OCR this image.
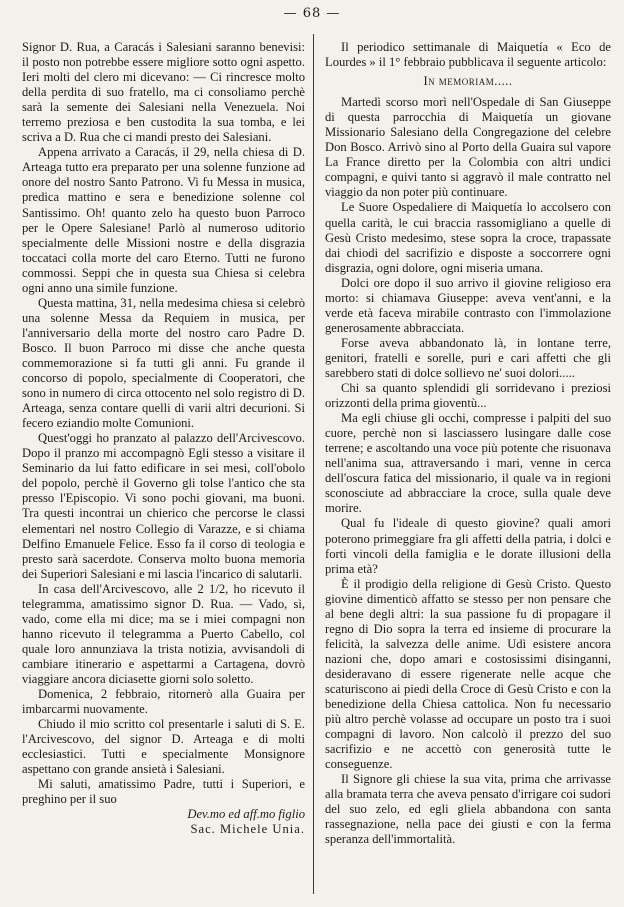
— 68 —

Signor D. Rua, a Caracás i Salesiani saranno benevisi: il posto non potrebbe essere migliore sotto ogni aspetto. Ieri molti del clero mi dicevano: — Ci rincresce molto della perdita di suo fratello, ma ci consoliamo perchè sarà la semente dei Salesiani nella Venezuela. Noi terremo preziosa e ben custodita la sua tomba, e lei scriva a D. Rua che ci mandi presto dei Salesiani.

Appena arrivato a Caracás, il 29, nella chiesa di D. Arteaga tutto era preparato per una solenne funzione ad onore del nostro Santo Patrono. Vi fu Messa in musica, predica mattino e sera e benedizione solenne col Santissimo. Oh! quanto zelo ha questo buon Parroco per le Opere Salesiane! Parlò al numeroso uditorio specialmente delle Missioni nostre e della disgrazia toccataci colla morte del caro Eterno. Tutti ne furono commossi. Seppi che in questa sua Chiesa si celebra ogni anno una simile funzione.

Questa mattina, 31, nella medesima chiesa si celebrò una solenne Messa da Requiem in musica, per l'anniversario della morte del nostro caro Padre D. Bosco. Il buon Parroco mi disse che anche questa commemorazione si fa tutti gli anni. Fu grande il concorso di popolo, specialmente di Cooperatori, che sono in numero di circa ottocento nel solo registro di D. Arteaga, senza contare quelli di varii altri decurioni. Si fecero eziandio molte Comunioni.

Quest'oggi ho pranzato al palazzo dell'Arcivescovo. Dopo il pranzo mi accompagnò Egli stesso a visitare il Seminario da lui fatto edificare in sei mesi, coll'obolo del popolo, perchè il Governo gli tolse l'antico che sta presso l'Episcopio. Vi sono pochi giovani, ma buoni. Tra questi incontrai un chierico che percorse le classi elementari nel nostro Collegio di Varazze, e si chiama Delfino Emanuele Felice. Esso fa il corso di teologia e presto sarà sacerdote. Conserva molto buona memoria dei Superiori Salesiani e mi lascia l'incarico di salutarli.

In casa dell'Arcivescovo, alle 2 1/2, ho ricevuto il telegramma, amatissimo signor D. Rua. — Vado, sì, vado, come ella mi dice; ma se i miei compagni non hanno ricevuto il telegramma a Puerto Cabello, col quale loro annunziava la trista notizia, avvisandoli di cambiare itinerario e aspettarmi a Cartagena, dovrò viaggiare ancora diciasette giorni solo soletto.

Domenica, 2 febbraio, ritornerò alla Guaira per imbarcarmi nuovamente.

Chiudo il mio scritto col presentarle i saluti di S. E. l'Arcivescovo, del signor D. Arteaga e di molti ecclesiastici. Tutti e specialmente Monsignore aspettano con grande ansietà i Salesiani.

Mi saluti, amatissimo Padre, tutti i Superiori, e preghino per il suo

Dev.mo ed aff.mo figlio

Sac. Michele Unia.

Il periodico settimanale di Maiquetía « Eco de Lourdes » il 1° febbraio pubblicava il seguente articolo:

In memoriam.....

Martedì scorso morì nell'Ospedale di San Giuseppe di questa parrocchia di Maiquetía un giovane Missionario Salesiano della Congregazione del celebre Don Bosco. Arrivò sino al Porto della Guaira sul vapore La France diretto per la Colombia con altri undici compagni, e quivi tanto si aggravò il male contratto nel viaggio da non poter più continuare.

Le Suore Ospedaliere di Maiquetía lo accolsero con quella carità, le cui braccia rassomigliano a quelle di Gesù Cristo medesimo, stese sopra la croce, trapassate dai chiodi del sacrifizio e disposte a soccorrere ogni disgrazia, ogni dolore, ogni miseria umana.

Dolci ore dopo il suo arrivo il giovine religioso era morto: si chiamava Giuseppe: aveva vent'anni, e la verde età faceva mirabile contrasto con l'immolazione generosamente abbracciata.

Forse aveva abbandonato là, in lontane terre, genitori, fratelli e sorelle, puri e cari affetti che gli sarebbero stati di dolce sollievo ne' suoi dolori.....

Chi sa quanto splendidi gli sorridevano i preziosi orizzonti della prima gioventù...

Ma egli chiuse gli occhi, compresse i palpiti del suo cuore, perchè non si lasciassero lusingare dalle cose terrene; e ascoltando una voce più potente che risuonava nell'anima sua, attraversando i mari, venne in cerca dell'oscura fatica del missionario, il quale va in regioni sconosciute ad abbracciare la croce, sulla quale deve morire.

Qual fu l'ideale di questo giovine? quali amori poterono primeggiare fra gli affetti della patria, i dolci e forti vincoli della famiglia e le dorate illusioni della prima età?

È il prodigio della religione di Gesù Cristo. Questo giovine dimenticò affatto se stesso per non pensare che al bene degli altri: la sua passione fu di propagare il regno di Dio sopra la terra ed insieme di procurare la felicità, la salvezza delle anime. Udì esistere ancora nazioni che, dopo amari e costosissimi disinganni, desideravano di essere rigenerate nelle acque che scaturiscono ai piedi della Croce di Gesù Cristo e con la benedizione della Chiesa cattolica. Non fu necessario più altro perchè volasse ad occupare un posto tra i suoi compagni di lavoro. Non calcolò il prezzo del suo sacrifizio e ne accettò con generosità tutte le conseguenze.

Il Signore gli chiese la sua vita, prima che arrivasse alla bramata terra che aveva pensato d'irrigare coi sudori del suo zelo, ed egli gliela abbandona con santa rassegnazione, nella pace dei giusti e con la ferma speranza dell'immortalità.
